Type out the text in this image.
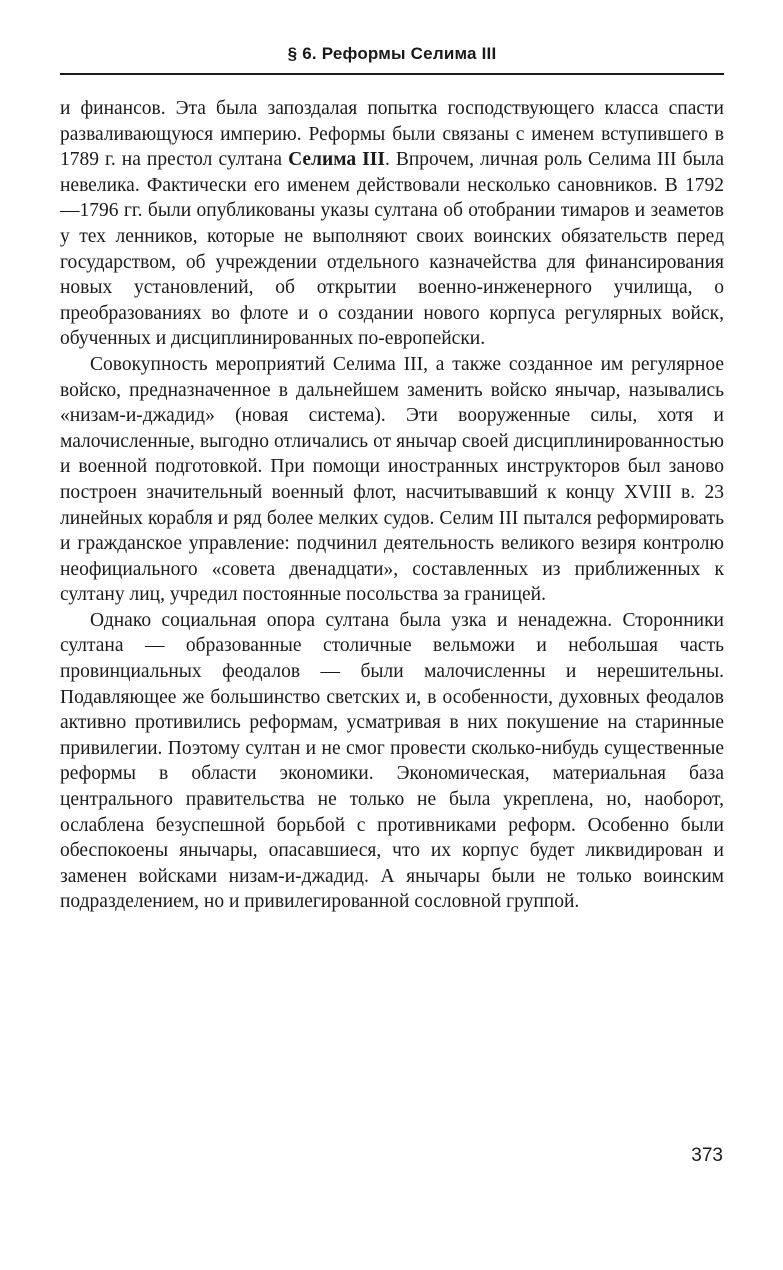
§ 6. Реформы Селима III

и финансов. Эта была запоздалая попытка господствующего класса спасти разваливающуюся империю. Реформы были связаны с именем вступившего в 1789 г. на престол султана Селима III. Впрочем, личная роль Селима III была невелика. Фактически его именем действовали несколько сановников. В 1792—1796 гг. были опубликованы указы султана об отобрании тимаров и зеаметов у тех ленников, которые не выполняют своих воинских обязательств перед государством, об учреждении отдельного казначейства для финансирования новых установлений, об открытии военно-инженерного училища, о преобразованиях во флоте и о создании нового корпуса регулярных войск, обученных и дисциплинированных по-европейски.

Совокупность мероприятий Селима III, а также созданное им регулярное войско, предназначенное в дальнейшем заменить войско янычар, назывались «низам-и-джадид» (новая система). Эти вооруженные силы, хотя и малочисленные, выгодно отличались от янычар своей дисциплинированностью и военной подготовкой. При помощи иностранных инструкторов был заново построен значительный военный флот, насчитывавший к концу XVIII в. 23 линейных корабля и ряд более мелких судов. Селим III пытался реформировать и гражданское управление: подчинил деятельность великого везиря контролю неофициального «совета двенадцати», составленных из приближенных к султану лиц, учредил постоянные посольства за границей.

Однако социальная опора султана была узка и ненадежна. Сторонники султана — образованные столичные вельможи и небольшая часть провинциальных феодалов — были малочисленны и нерешительны. Подавляющее же большинство светских и, в особенности, духовных феодалов активно противились реформам, усматривая в них покушение на старинные привилегии. Поэтому султан и не смог провести сколько-нибудь существенные реформы в области экономики. Экономическая, материальная база центрального правительства не только не была укреплена, но, наоборот, ослаблена безуспешной борьбой с противниками реформ. Особенно были обеспокоены янычары, опасавшиеся, что их корпус будет ликвидирован и заменен войсками низам-и-джадид. А янычары были не только воинским подразделением, но и привилегированной сословной группой.

373
